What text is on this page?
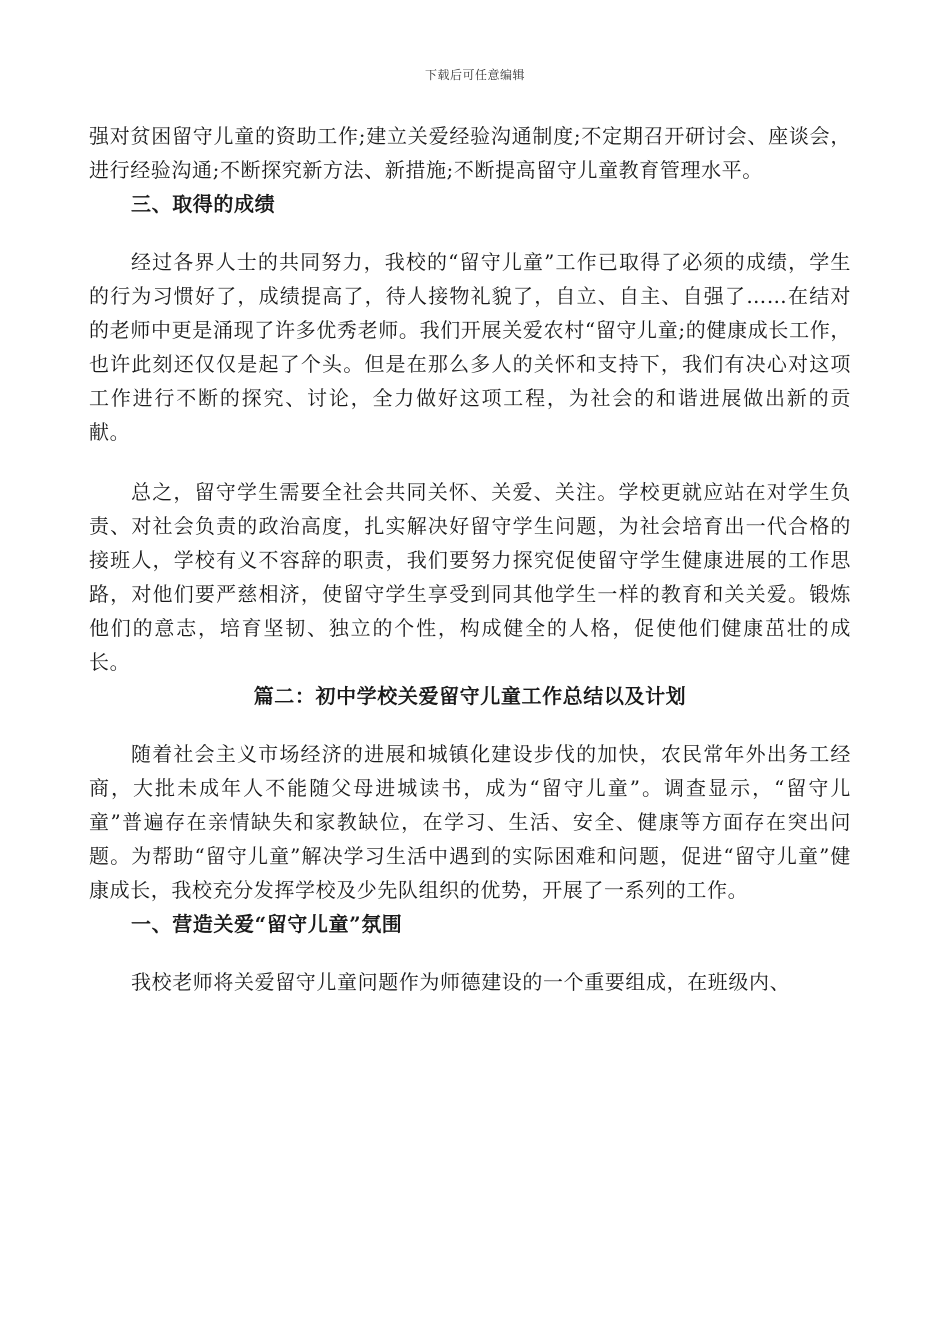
下载后可任意编辑

强对贫困留守儿童的资助工作;建立关爱经验沟通制度;不定期召开研讨会、座谈会，进行经验沟通;不断探究新方法、新措施;不断提高留守儿童教育管理水平。

三、取得的成绩

经过各界人士的共同努力，我校的“留守儿童”工作已取得了必须的成绩，学生的行为习惯好了，成绩提高了，待人接物礼貌了，自立、自主、自强了……在结对的老师中更是涌现了许多优秀老师。我们开展关爱农村“留守儿童;的健康成长工作，也许此刻还仅仅是起了个头。但是在那么多人的关怀和支持下，我们有决心对这项工作进行不断的探究、讨论，全力做好这项工程，为社会的和谐进展做出新的贡献。

总之，留守学生需要全社会共同关怀、关爱、关注。学校更就应站在对学生负责、对社会负责的政治高度，扎实解决好留守学生问题，为社会培育出一代合格的接班人，学校有义不容辞的职责，我们要努力探究促使留守学生健康进展的工作思路，对他们要严慈相济，使留守学生享受到同其他学生一样的教育和关关爱。锻炼他们的意志，培育坚韧、独立的个性，构成健全的人格，促使他们健康茁壮的成长。

篇二：初中学校关爱留守儿童工作总结以及计划

随着社会主义市场经济的进展和城镇化建设步伐的加快，农民常年外出务工经商，大批未成年人不能随父母进城读书，成为“留守儿童”。调查显示，“留守儿童”普遍存在亲情缺失和家教缺位，在学习、生活、安全、健康等方面存在突出问题。为帮助“留守儿童”解决学习生活中遇到的实际困难和问题，促进“留守儿童”健康成长，我校充分发挥学校及少先队组织的优势，开展了一系列的工作。

一、营造关爱“留守儿童”氛围

我校老师将关爱留守儿童问题作为师德建设的一个重要组成，在班级内、
